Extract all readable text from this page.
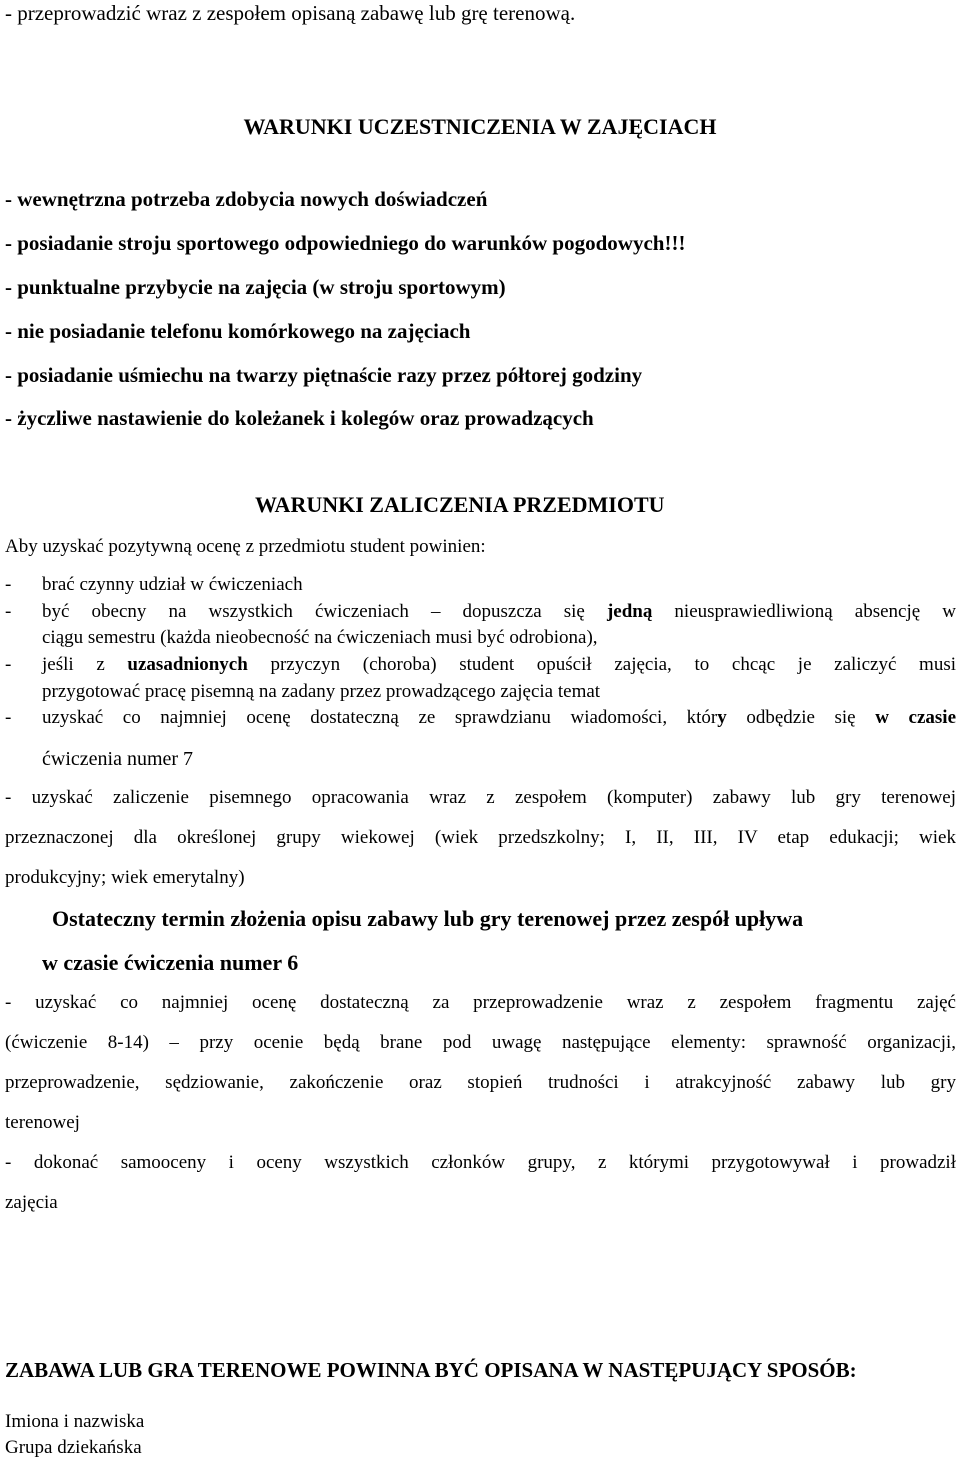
- przeprowadzić wraz z zespołem opisaną zabawę lub grę terenową.
WARUNKI UCZESTNICZENIA W ZAJĘCIACH
- wewnętrzna potrzeba zdobycia nowych doświadczeń
- posiadanie stroju sportowego odpowiedniego do warunków pogodowych!!!
- punktualne przybycie na zajęcia (w stroju sportowym)
- nie posiadanie telefonu komórkowego na zajęciach
- posiadanie uśmiechu na twarzy piętnaście razy przez półtorej godziny
- życzliwe nastawienie do koleżanek i kolegów oraz prowadzących
WARUNKI ZALICZENIA PRZEDMIOTU
Aby uzyskać pozytywną ocenę z przedmiotu student powinien:
- brać czynny udział w ćwiczeniach
- być obecny na wszystkich ćwiczeniach – dopuszcza się jedną nieusprawiedliwioną absencję w
ciągu semestru (każda nieobecność na ćwiczeniach musi być odrobiona),
- jeśli z uzasadnionych przyczyn (choroba) student opuścił zajęcia, to chcąc je zaliczyć musi
przygotować pracę pisemną na zadany przez prowadzącego zajęcia temat
- uzyskać co najmniej ocenę dostateczną ze sprawdzianu wiadomości, który odbędzie się w czasie
ćwiczenia numer 7
- uzyskać zaliczenie pisemnego opracowania wraz z zespołem (komputer) zabawy lub gry terenowej
przeznaczonej dla określonej grupy wiekowej (wiek przedszkolny; I, II, III, IV etap edukacji; wiek
produkcyjny; wiek emerytalny)
Ostateczny termin złożenia opisu zabawy lub gry terenowej przez zespół upływa
w czasie ćwiczenia numer 6
- uzyskać co najmniej ocenę dostateczną za przeprowadzenie wraz z zespołem fragmentu zajęć
(ćwiczenie 8-14) – przy ocenie będą brane pod uwagę następujące elementy: sprawność organizacji,
przeprowadzenie, sędziowanie, zakończenie oraz stopień trudności i atrakcyjność zabawy lub gry
terenowej
- dokonać samooceny i oceny wszystkich członków grupy, z którymi przygotowywał i prowadził
zajęcia
ZABAWA LUB GRA TERENOWE POWINNA BYĆ OPISANA W NASTĘPUJĄCY SPOSÓB:
Imiona i nazwiska
Grupa dziekańska
